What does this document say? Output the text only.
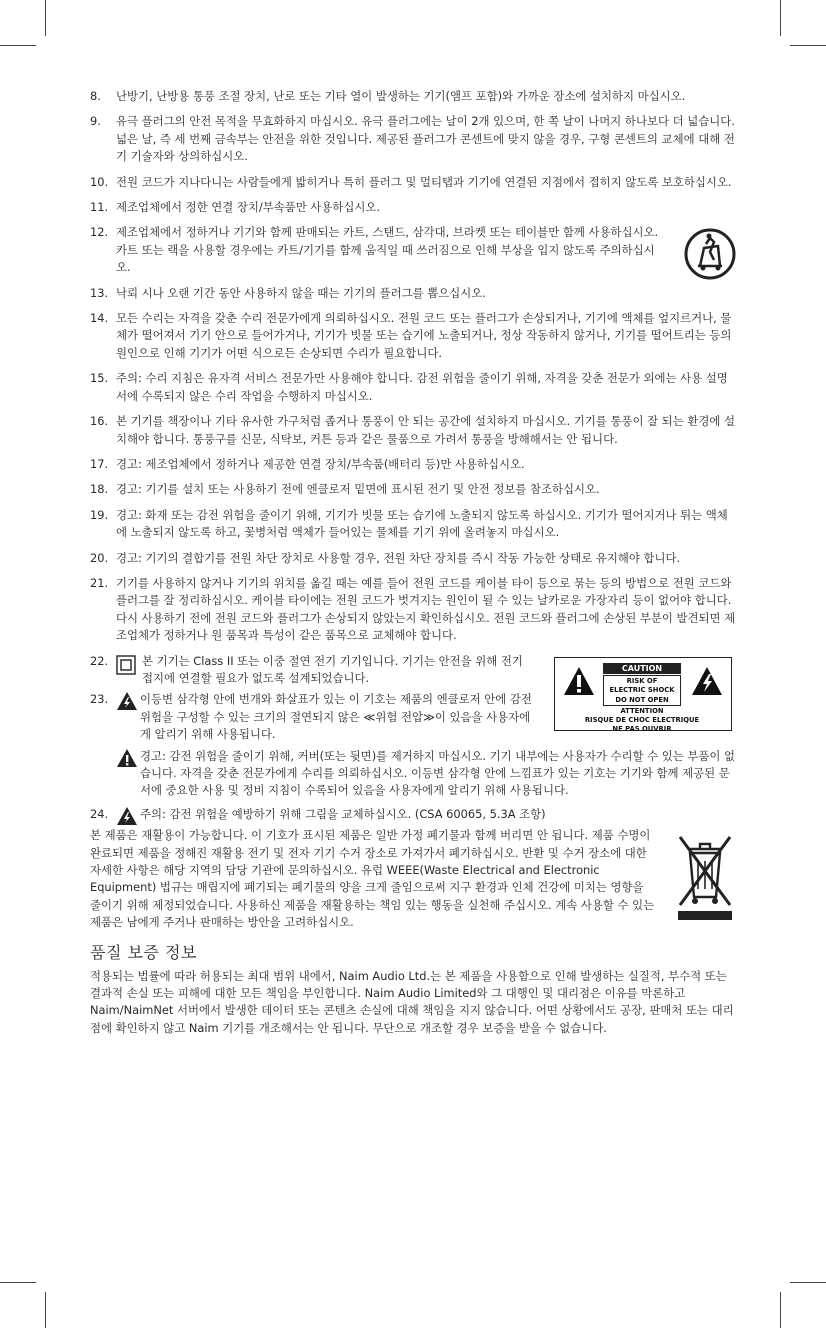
8. 난방기, 난방용 통풍 조절 장치, 난로 또는 기타 열이 발생하는 기기(앰프 포함)와 가까운 장소에 설치하지 마십시오.
9. 유극 플러그의 안전 목적을 무효화하지 마십시오. 유극 플러그에는 날이 2개 있으며, 한 쪽 날이 나머지 하나보다 더 넓습니다. 넓은 날, 즉 세 번째 금속부는 안전을 위한 것입니다. 제공된 플러그가 콘센트에 맞지 않을 경우, 구형 콘센트의 교체에 대해 전기 기술자와 상의하십시오.
10. 전원 코드가 지나다니는 사람들에게 밟히거나 특히 플러그 및 멀티탭과 기기에 연결된 지점에서 접히지 않도록 보호하십시오.
11. 제조업체에서 정한 연결 장치/부속품만 사용하십시오.
12. 제조업체에서 정하거나 기기와 함께 판매되는 카트, 스탠드, 삼각대, 브라켓 또는 테이블만 함께 사용하십시오. 카트 또는 랙을 사용할 경우에는 카트/기기를 함께 움직일 때 쓰러짐으로 인해 부상을 입지 않도록 주의하십시오.
13. 낙뢰 시나 오랜 기간 동안 사용하지 않을 때는 기기의 플러그를 뽑으십시오.
14. 모든 수리는 자격을 갖춘 수리 전문가에게 의뢰하십시오. 전원 코드 또는 플러그가 손상되거나, 기기에 액체를 엎지르거나, 물체가 떨어져서 기기 안으로 들어가거나, 기기가 빗물 또는 습기에 노출되거나, 정상 작동하지 않거나, 기기를 떨어트리는 등의 원인으로 인해 기기가 어떤 식으로든 손상되면 수리가 필요합니다.
15. 주의: 수리 지침은 유자격 서비스 전문가만 사용해야 합니다. 감전 위험을 줄이기 위해, 자격을 갖춘 전문가 외에는 사용 설명서에 수록되지 않은 수리 작업을 수행하지 마십시오.
16. 본 기기를 책장이나 기타 유사한 가구처럼 좁거나 통풍이 안 되는 공간에 설치하지 마십시오. 기기를 통풍이 잘 되는 환경에 설치해야 합니다. 통풍구를 신문, 식탁보, 커튼 등과 같은 물품으로 가려서 통풍을 방해해서는 안 됩니다.
17. 경고: 제조업체에서 정하거나 제공한 연결 장치/부속품(배터리 등)만 사용하십시오.
18. 경고: 기기를 설치 또는 사용하기 전에 엔클로저 밑면에 표시된 전기 및 안전 정보를 참조하십시오.
19. 경고: 화재 또는 감전 위험을 줄이기 위해, 기기가 빗물 또는 습기에 노출되지 않도록 하십시오. 기기가 떨어지거나 튀는 액체에 노출되지 않도록 하고, 꽃병처럼 액체가 들어있는 물체를 기기 위에 올려놓지 마십시오.
20. 경고: 기기의 결합기를 전원 차단 장치로 사용할 경우, 전원 차단 장치를 즉시 작동 가능한 상태로 유지해야 합니다.
21. 기기를 사용하지 않거나 기기의 위치를 옮길 때는 예를 들어 전원 코드를 케이블 타이 등으로 묶는 등의 방법으로 전원 코드와 플러그를 잘 정리하십시오. 케이블 타이에는 전원 코드가 벗겨지는 원인이 될 수 있는 날카로운 가장자리 등이 없어야 합니다. 다시 사용하기 전에 전원 코드와 플러그가 손상되지 않았는지 확인하십시오. 전원 코드와 플러그에 손상된 부분이 발견되면 제조업체가 정하거나 원 품목과 특성이 같은 품목으로 교체해야 합니다.
22.	본 기기는 Class II 또는 이중 절연 전기 기기입니다. 기기는 안전을 위해 전기 접지에 연결할 필요가 없도록 설계되었습니다.
23.	이등변 삼각형 안에 번개와 화살표가 있는 이 기호는 제품의 엔클로저 안에 감전 위험을 구성할 수 있는 크기의 절연되지 않은 ≪위험 전압≫이 있음을 사용자에게 알리기 위해 사용됩니다.
CAUTION
RISK OF
ELECTRIC SHOCK
DO NOT OPEN
ATTENTION
RISQUE DE CHOC ELECTRIQUE
NE PAS OUVRIR
경고: 감전 위험을 줄이기 위해, 커버(또는 뒷면)를 제거하지 마십시오. 기기 내부에는 사용자가 수리할 수 있는 부품이 없습니다. 자격을 갖춘 전문가에게 수리를 의뢰하십시오. 이등변 삼각형 안에 느낌표가 있는 기호는 기기와 함께 제공된 문서에 중요한 사용 및 정비 지침이 수록되어 있음을 사용자에게 알리기 위해 사용됩니다.
24.	주의: 감전 위험을 예방하기 위해 그림을 교체하십시오. (CSA 60065, 5.3A 조항)

본 제품은 재활용이 가능합니다. 이 기호가 표시된 제품은 일반 가정 폐기물과 함께 버리면 안 됩니다. 제품 수명이 완료되면 제품을 정해진 재활용 전기 및 전자 기기 수거 장소로 가져가서 폐기하십시오. 반환 및 수거 장소에 대한 자세한 사항은 해당 지역의 담당 기관에 문의하십시오. 유럽 WEEE(Waste Electrical and Electronic Equipment) 법규는 매립지에 폐기되는 폐기물의 양을 크게 줄임으로써 지구 환경과 인체 건강에 미치는 영향을 줄이기 위해 제정되었습니다. 사용하신 제품을 재활용하는 책임 있는 행동을 실천해 주십시오. 계속 사용할 수 있는 제품은 남에게 주거나 판매하는 방안을 고려하십시오.

품질 보증 정보

적용되는 법률에 따라 허용되는 최대 범위 내에서, Naim Audio Ltd.는 본 제품을 사용함으로 인해 발생하는 실질적, 부수적 또는 결과적 손실 또는 피해에 대한 모든 책임을 부인합니다. Naim Audio Limited와 그 대행인 및 대리점은 이유를 막론하고 Naim/NaimNet 서버에서 발생한 데이터 또는 콘텐츠 손실에 대해 책임을 지지 않습니다. 어떤 상황에서도 공장, 판매처 또는 대리점에 확인하지 않고 Naim 기기를 개조해서는 안 됩니다. 무단으로 개조할 경우 보증을 받을 수 없습니다.
